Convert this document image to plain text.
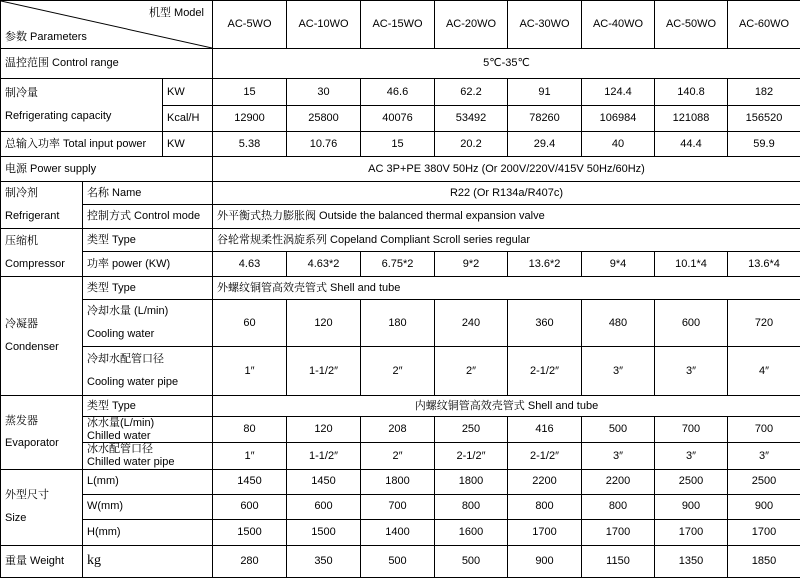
机型 Model
参数 Parameters			AC-5WO	AC-10WO	AC-15WO	AC-20WO	AC-30WO	AC-40WO	AC-50WO	AC-60WO
温控范围 Control range			5℃-35℃							

制冷量
Refrigerating capacity		KW	15	30	46.6	62.2	91	124.4	140.8	182
		Kcal/H	12900	25800	40076	53492	78260	106984	121088	156520
总输入功率 Total input power		KW	5.38	10.76	15	20.2	29.4	40	44.4	59.9
电源 Power supply			AC 3P+PE 380V 50Hz (Or 200V/220V/415V 50Hz/60Hz)							

制冷剂
Refrigerant	名称 Name		R22 (Or R134a/R407c)							
	控制方式 Control mode		外平衡式热力膨胀阀 Outside the balanced thermal expansion valve							

压缩机
Compressor	类型 Type		谷轮常规柔性涡旋系列 Copeland Compliant Scroll series regular							
	功率 power (KW)		4.63	4.63*2	6.75*2	9*2	13.6*2	9*4	10.1*4	13.6*4

冷凝器
Condenser	类型 Type		外螺纹铜管高效壳管式 Shell and tube							

	冷却水量 (L/min)
Cooling water		60	120	180	240	360	480	600	720

	冷却水配管口径
Cooling water pipe		1″	1-1/2″	2″	2″	2-1/2″	3″	3″	4″

蒸发器
Evaporator	类型 Type		内螺纹铜管高效壳管式 Shell and tube							

	冰水量(L/min)
Chilled water		80	120	208	250	416	500	700	700

	冰水配管口径
Chilled water pipe		1″	1-1/2″	2″	2-1/2″	2-1/2″	3″	3″	3″

外型尺寸
Size	L(mm)		1450	1450	1800	1800	2200	2200	2500	2500
	W(mm)		600	600	700	800	800	800	900	900
	H(mm)		1500	1500	1400	1600	1700	1700	1700	1700
重量 Weight	kg		280	350	500	500	900	1150	1350	1850
